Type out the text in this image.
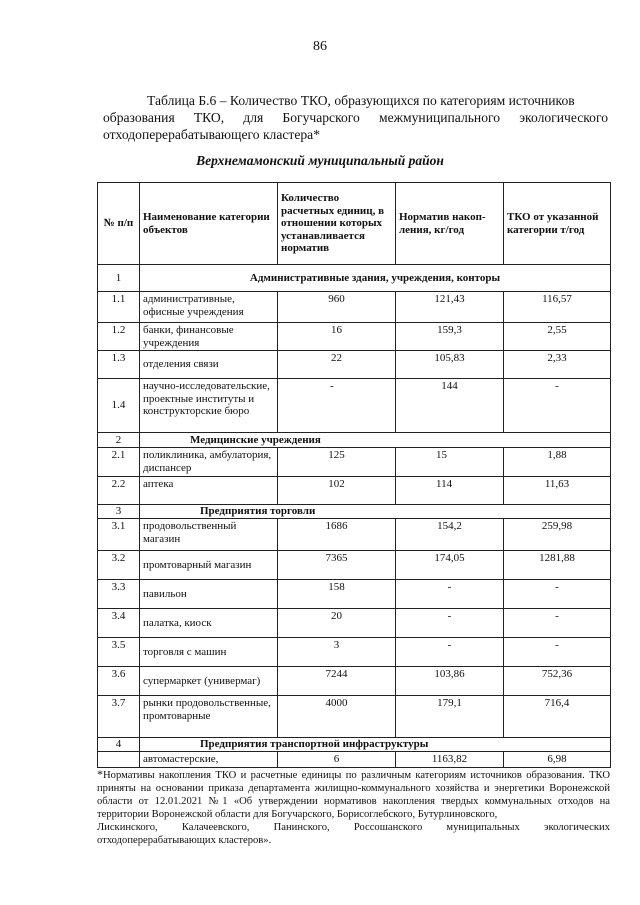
86
Таблица Б.6 – Количество ТКО, образующихся по категориям источников
образования ТКО, для Богучарского межмуниципального экологического
отходоперерабатывающего кластера*
Верхнемамонский муниципальный район
№ п/п	Наименование категории объектов	Количество расчетных единиц, в отношении которых устанавливается норматив	Норматив накоп-ления, кг/год	ТКО от указанной категории т/год
1	Административные здания, учреждения, конторы			
1.1	административные, офисные учреждения	960	121,43	116,57
1.2	банки, финансовые учреждения	16	159,3	2,55
1.3	отделения связи	22	105,83	2,33
1.4	научно-исследовательские, проектные институты и конструкторские бюро	-	144	-
2	Медицинские учреждения			
2.1	поликлиника, амбулатория, диспансер	125	15	1,88
2.2	аптека	102	114	11,63
3	Предприятия торговли			
3.1	продовольственный магазин	1686	154,2	259,98
3.2	промтоварный магазин	7365	174,05	1281,88
3.3	павильон	158	-	-
3.4	палатка, киоск	20	-	-
3.5	торговля с машин	3	-	-
3.6	супермаркет (универмаг)	7244	103,86	752,36
3.7	рынки продовольственные, промтоварные	4000	179,1	716,4
4	Предприятия транспортной инфраструктуры			
	автомастерские,	6	1163,82	6,98
*Нормативы накопления ТКО и расчетные единицы по различным категориям источников образования. ТКО приняты на основании приказа департамента жилищно-коммунального хозяйства и энергетики Воронежской области от 12.01.2021 №1 «Об утверждении нормативов накопления твердых коммунальных отходов на территории Воронежской области для Богучарского, Борисоглебского, Бутурлиновского,
Лискинского, Калачеевского, Панинского, Россошанского муниципальных экологических
отходоперерабатывающих кластеров».
